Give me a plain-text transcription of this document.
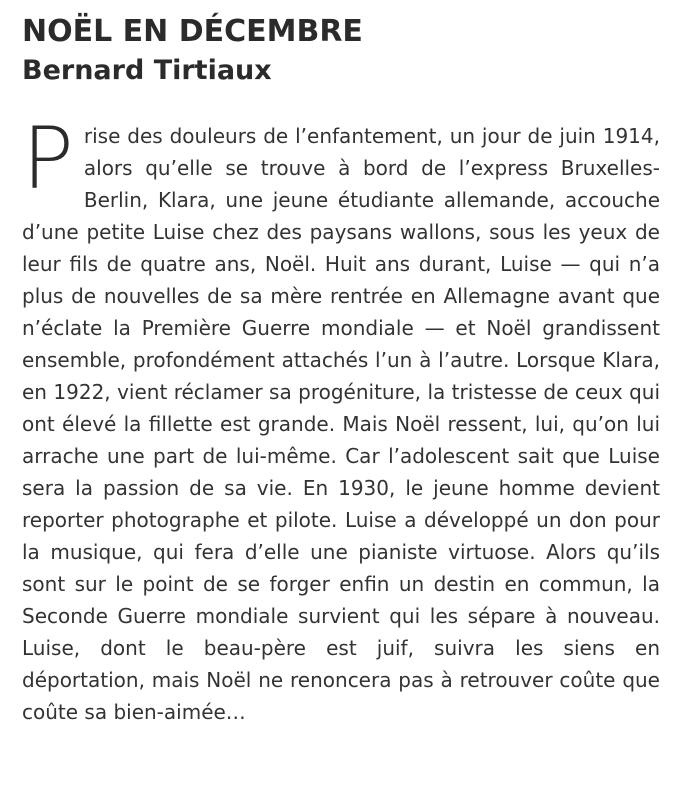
NOËL EN DÉCEMBRE
Bernard Tirtiaux

Prise des douleurs de l’enfantement, un jour de juin 1914, alors qu’elle se trouve à bord de l’express Bruxelles-Berlin, Klara, une jeune étudiante allemande, accouche d’une petite Luise chez des paysans wallons, sous les yeux de leur fils de quatre ans, Noël. Huit ans durant, Luise — qui n’a plus de nouvelles de sa mère rentrée en Allemagne avant que n’éclate la Première Guerre mondiale — et Noël grandissent ensemble, profondément attachés l’un à l’autre. Lorsque Klara, en 1922, vient réclamer sa progéniture, la tristesse de ceux qui ont élevé la fillette est grande. Mais Noël ressent, lui, qu’on lui arrache une part de lui-même. Car l’adolescent sait que Luise sera la passion de sa vie. En 1930, le jeune homme devient reporter photographe et pilote. Luise a développé un don pour la musique, qui fera d’elle une pianiste virtuose. Alors qu’ils sont sur le point de se forger enfin un destin en commun, la Seconde Guerre mondiale survient qui les sépare à nouveau. Luise, dont le beau-père est juif, suivra les siens en déportation, mais Noël ne renoncera pas à retrouver coûte que coûte sa bien-aimée…
